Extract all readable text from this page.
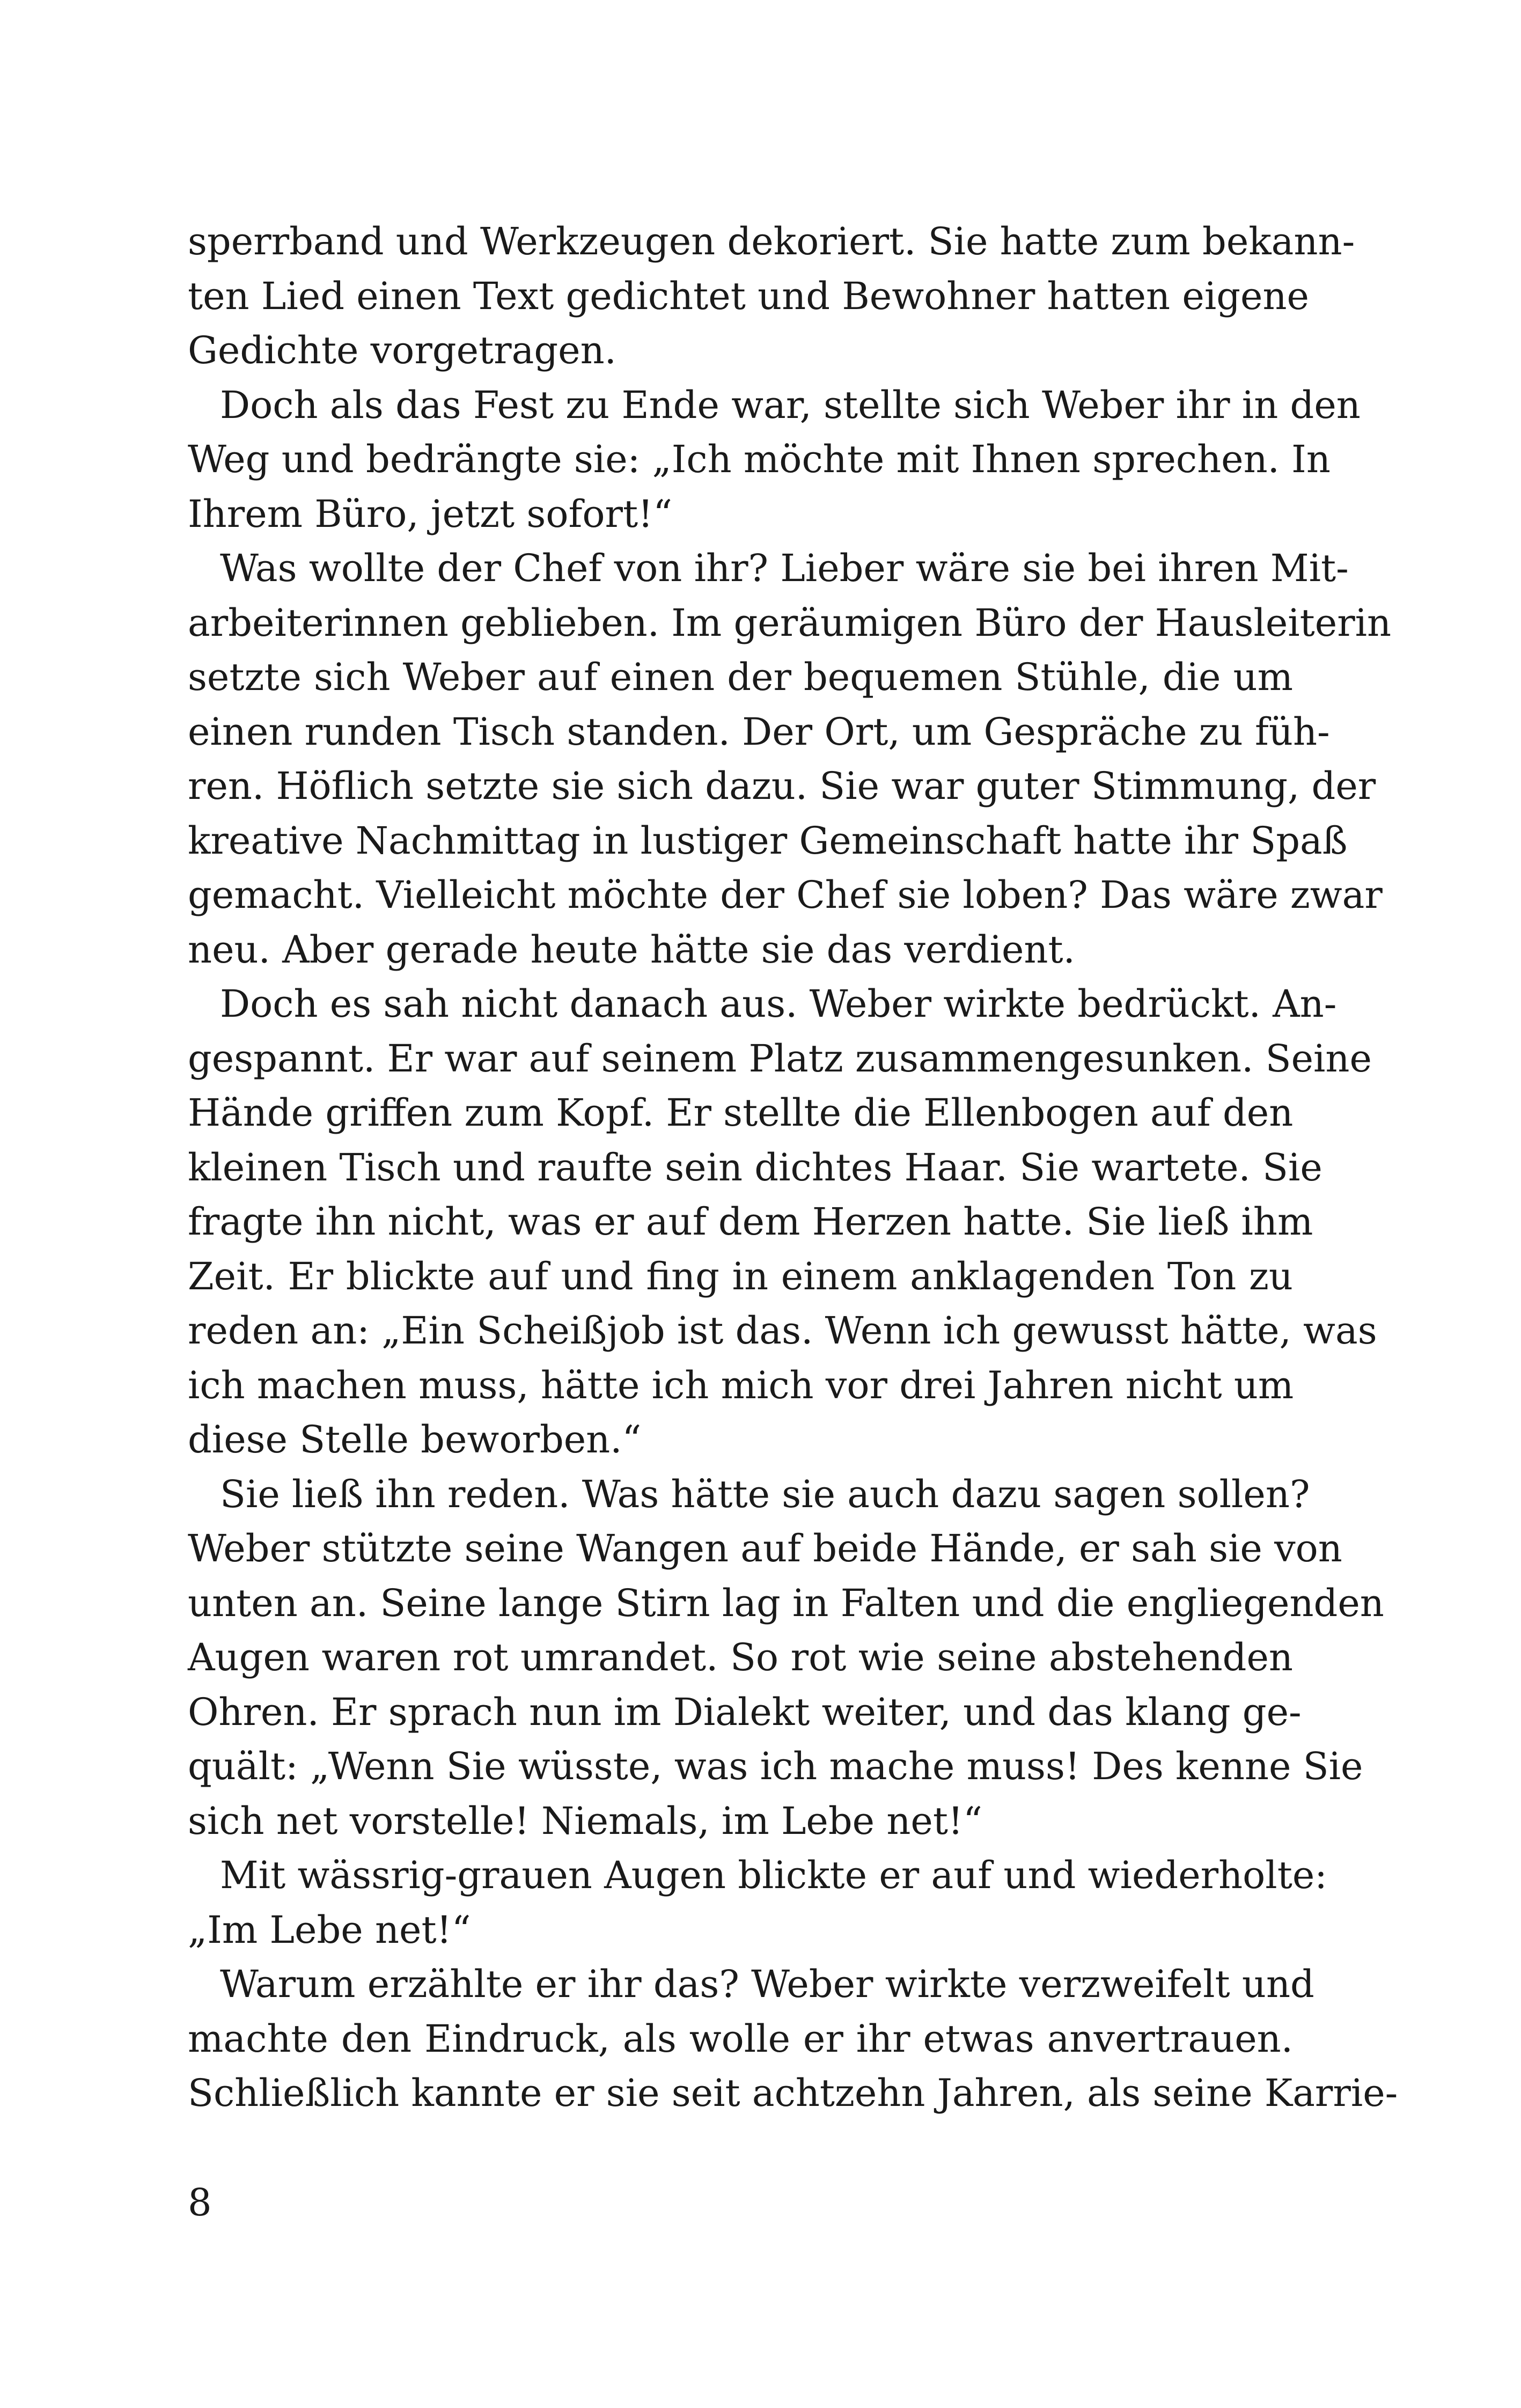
sperrband und Werkzeugen dekoriert. Sie hatte zum bekann-
ten Lied einen Text gedichtet und Bewohner hatten eigene
Gedichte vorgetragen.
Doch als das Fest zu Ende war, stellte sich Weber ihr in den
Weg und bedrängte sie: „Ich möchte mit Ihnen sprechen. In
Ihrem Büro, jetzt sofort!“
Was wollte der Chef von ihr? Lieber wäre sie bei ihren Mit-
arbeiterinnen geblieben. Im geräumigen Büro der Hausleiterin
setzte sich Weber auf einen der bequemen Stühle, die um
einen runden Tisch standen. Der Ort, um Gespräche zu füh-
ren. Höflich setzte sie sich dazu. Sie war guter Stimmung, der
kreative Nachmittag in lustiger Gemeinschaft hatte ihr Spaß
gemacht. Vielleicht möchte der Chef sie loben? Das wäre zwar
neu. Aber gerade heute hätte sie das verdient.
Doch es sah nicht danach aus. Weber wirkte bedrückt. An-
gespannt. Er war auf seinem Platz zusammengesunken. Seine
Hände griffen zum Kopf. Er stellte die Ellenbogen auf den
kleinen Tisch und raufte sein dichtes Haar. Sie wartete. Sie
fragte ihn nicht, was er auf dem Herzen hatte. Sie ließ ihm
Zeit. Er blickte auf und fing in einem anklagenden Ton zu
reden an: „Ein Scheißjob ist das. Wenn ich gewusst hätte, was
ich machen muss, hätte ich mich vor drei Jahren nicht um
diese Stelle beworben.“
Sie ließ ihn reden. Was hätte sie auch dazu sagen sollen?
Weber stützte seine Wangen auf beide Hände, er sah sie von
unten an. Seine lange Stirn lag in Falten und die engliegenden
Augen waren rot umrandet. So rot wie seine abstehenden
Ohren. Er sprach nun im Dialekt weiter, und das klang ge-
quält: „Wenn Sie wüsste, was ich mache muss! Des kenne Sie
sich net vorstelle! Niemals, im Lebe net!“
Mit wässrig-grauen Augen blickte er auf und wiederholte:
„Im Lebe net!“
Warum erzählte er ihr das? Weber wirkte verzweifelt und
machte den Eindruck, als wolle er ihr etwas anvertrauen.
Schließlich kannte er sie seit achtzehn Jahren, als seine Karrie-
8
